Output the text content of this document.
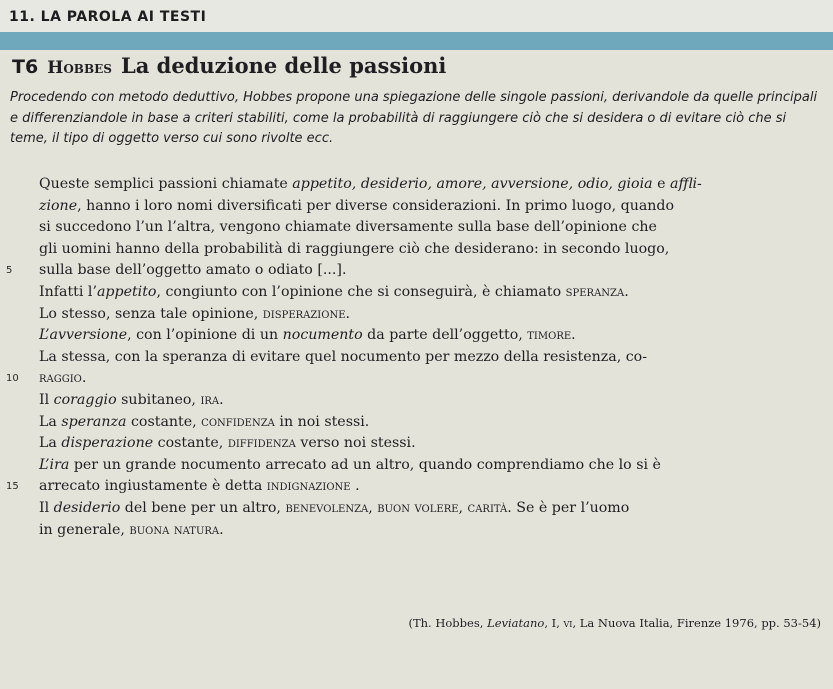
11. LA PAROLA AI TESTI
T6 Hobbes La deduzione delle passioni
Procedendo con metodo deduttivo, Hobbes propone una spiegazione delle singole passioni, derivandole da quelle principali e differenziandole in base a criteri stabiliti, come la probabilità di raggiungere ciò che si desidera o di evitare ciò che si teme, il tipo di oggetto verso cui sono rivolte ecc.
Queste semplici passioni chiamate appetito, desiderio, amore, avversione, odio, gioia e affli-
zione, hanno i loro nomi diversificati per diverse considerazioni. In primo luogo, quando
si succedono l’un l’altra, vengono chiamate diversamente sulla base dell’opinione che
gli uomini hanno della probabilità di raggiungere ciò che desiderano: in secondo luogo,
5 sulla base dell’oggetto amato o odiato [...].
Infatti l’appetito, congiunto con l’opinione che si conseguirà, è chiamato speranza.
Lo stesso, senza tale opinione, disperazione.
L’avversione, con l’opinione di un nocumento da parte dell’oggetto, timore.
La stessa, con la speranza di evitare quel nocumento per mezzo della resistenza, co-
10 raggio.
Il coraggio subitaneo, ira.
La speranza costante, confidenza in noi stessi.
La disperazione costante, diffidenza verso noi stessi.
L’ira per un grande nocumento arrecato ad un altro, quando comprendiamo che lo si è
15 arrecato ingiustamente è detta indignazione .
Il desiderio del bene per un altro, benevolenza, buon volere, carità. Se è per l’uomo
in generale, buona natura.
(Th. Hobbes, Leviatano, I, vi, La Nuova Italia, Firenze 1976, pp. 53-54)
